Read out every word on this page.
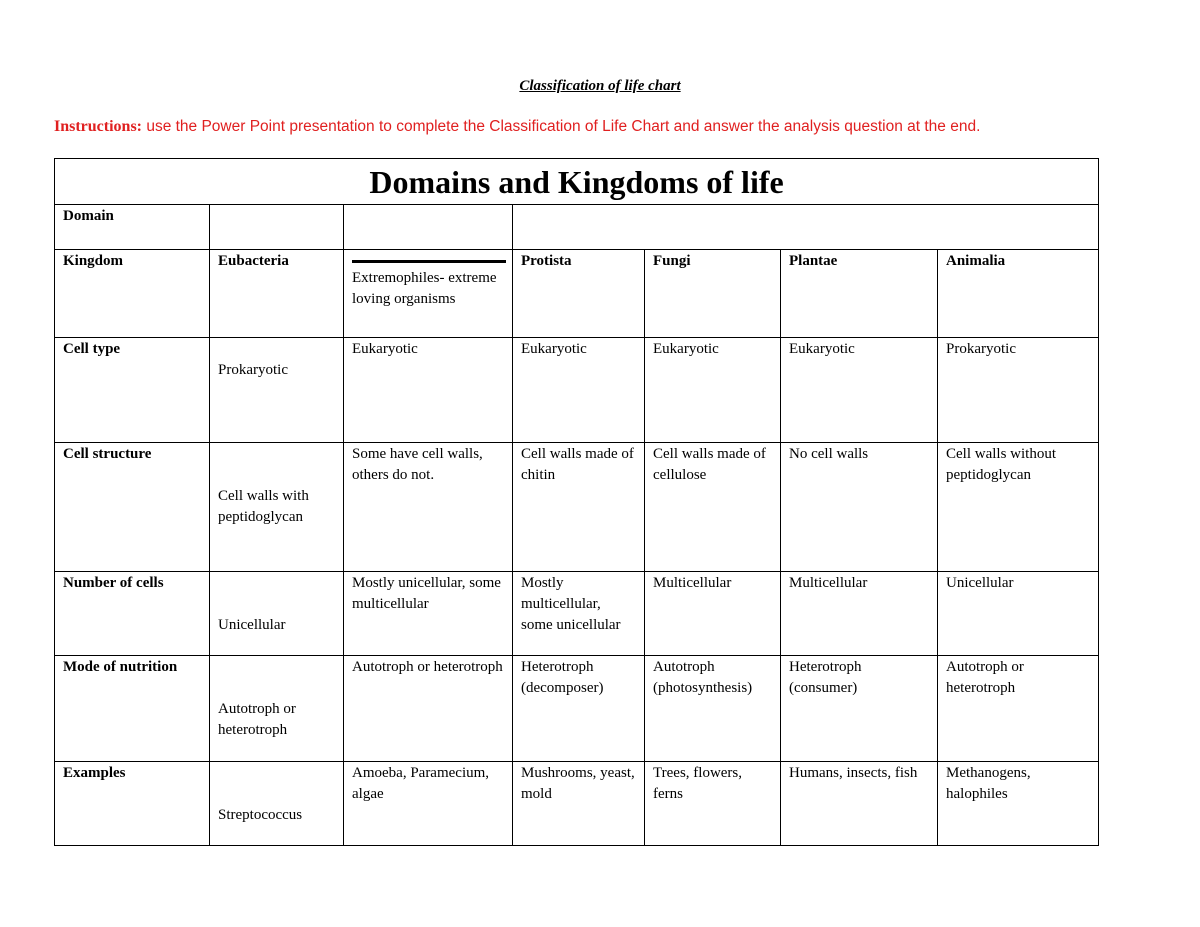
Classification of life chart
Instructions: use the Power Point presentation to complete the Classification of Life Chart and answer the analysis question at the end.
Domains and Kingdoms of life						
Domain						
Kingdom	Eubacteria	Extremophiles- extreme loving organisms	Protista	Fungi	Plantae	Animalia
Cell type	Prokaryotic	Eukaryotic	Eukaryotic	Eukaryotic	Eukaryotic	Prokaryotic
Cell structure	Cell walls with peptidoglycan	Some have cell walls, others do not.	Cell walls made of chitin	Cell walls made of cellulose	No cell walls	Cell walls without peptidoglycan
Number of cells	Unicellular	Mostly unicellular, some multicellular	Mostly multicellular, some unicellular	Multicellular	Multicellular	Unicellular
Mode of nutrition	Autotroph or heterotroph	Autotroph or heterotroph	Heterotroph (decomposer)	Autotroph (photosynthesis)	Heterotroph (consumer)	Autotroph or heterotroph
Examples	Streptococcus	Amoeba, Paramecium, algae	Mushrooms, yeast, mold	Trees, flowers, ferns	Humans, insects, fish	Methanogens, halophiles
